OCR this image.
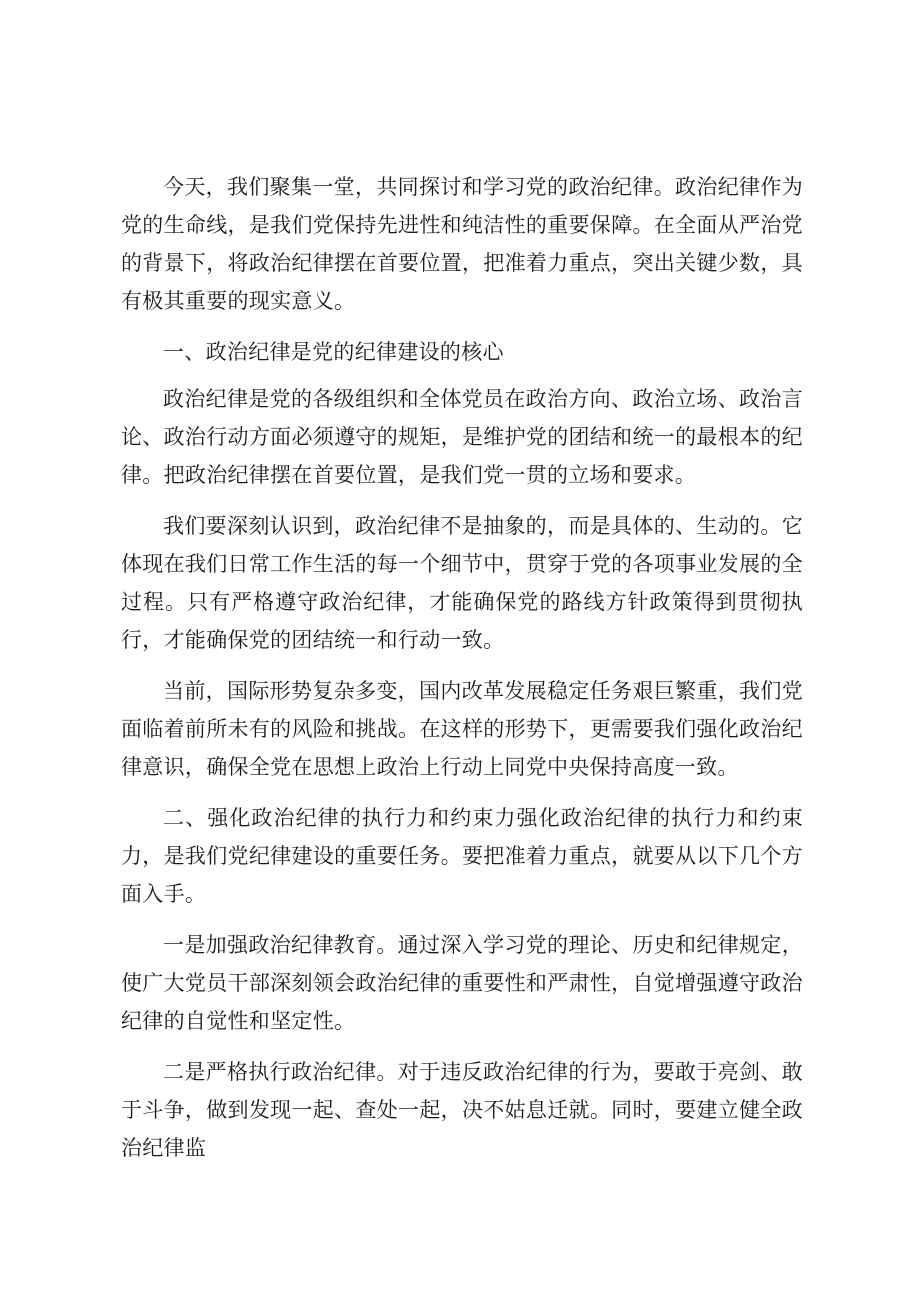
今天，我们聚集一堂，共同探讨和学习党的政治纪律。政治纪律作为党的生命线，是我们党保持先进性和纯洁性的重要保障。在全面从严治党的背景下，将政治纪律摆在首要位置，把准着力重点，突出关键少数，具有极其重要的现实意义。

一、政治纪律是党的纪律建设的核心

政治纪律是党的各级组织和全体党员在政治方向、政治立场、政治言论、政治行动方面必须遵守的规矩，是维护党的团结和统一的最根本的纪律。把政治纪律摆在首要位置，是我们党一贯的立场和要求。

我们要深刻认识到，政治纪律不是抽象的，而是具体的、生动的。它体现在我们日常工作生活的每一个细节中，贯穿于党的各项事业发展的全过程。只有严格遵守政治纪律，才能确保党的路线方针政策得到贯彻执行，才能确保党的团结统一和行动一致。

当前，国际形势复杂多变，国内改革发展稳定任务艰巨繁重，我们党面临着前所未有的风险和挑战。在这样的形势下，更需要我们强化政治纪律意识，确保全党在思想上政治上行动上同党中央保持高度一致。

二、强化政治纪律的执行力和约束力强化政治纪律的执行力和约束力，是我们党纪律建设的重要任务。要把准着力重点，就要从以下几个方面入手。

一是加强政治纪律教育。通过深入学习党的理论、历史和纪律规定，使广大党员干部深刻领会政治纪律的重要性和严肃性，自觉增强遵守政治纪律的自觉性和坚定性。

二是严格执行政治纪律。对于违反政治纪律的行为，要敢于亮剑、敢于斗争，做到发现一起、查处一起，决不姑息迁就。同时，要建立健全政治纪律监
